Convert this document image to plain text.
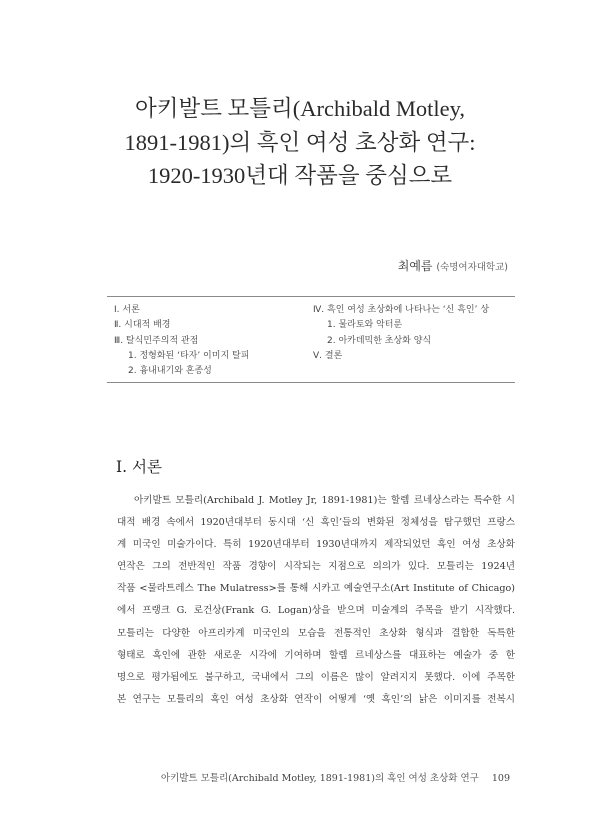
아키발트 모틀리(Archibald Motley,
1891-1981)의 흑인 여성 초상화 연구:
1920-1930년대 작품을 중심으로
최예름 (숙명여자대학교)
Ⅰ. 서론
Ⅱ. 시대적 배경
Ⅲ. 탈식민주의적 관점
1. 정형화된 ‘타자’ 이미지 탈피
2. 흉내내기와 혼종성
Ⅳ. 흑인 여성 초상화에 나타나는 ‘신 흑인’ 상
1. 물라토와 악터룬
2. 아카데믹한 초상화 양식
Ⅴ. 결론
Ⅰ. 서론
아키발트 모틀리(Archibald J. Motley Jr, 1891-1981)는 할렘 르네상스라는 특수한 시
대적 배경 속에서 1920년대부터 동시대 ‘신 흑인’들의 변화된 정체성을 탐구했던 프랑스
계 미국인 미술가이다. 특히 1920년대부터 1930년대까지 제작되었던 흑인 여성 초상화
연작은 그의 전반적인 작품 경향이 시작되는 지점으로 의의가 있다. 모틀리는 1924년
작품 <물라트레스 The Mulatress>를 통해 시카고 예술연구소(Art Institute of Chicago)
에서 프랭크 G. 로건상(Frank G. Logan)상을 받으며 미술계의 주목을 받기 시작했다.
모틀리는 다양한 아프리카계 미국인의 모습을 전통적인 초상화 형식과 결합한 독특한
형태로 흑인에 관한 새로운 시각에 기여하며 할렘 르네상스를 대표하는 예술가 중 한
명으로 평가됨에도 불구하고, 국내에서 그의 이름은 많이 알려지지 못했다. 이에 주목한
본 연구는 모틀리의 흑인 여성 초상화 연작이 어떻게 ‘옛 흑인’의 낡은 이미지를 전복시
아키발트 모틀리(Archibald Motley, 1891-1981)의 흑인 여성 초상화 연구 109
